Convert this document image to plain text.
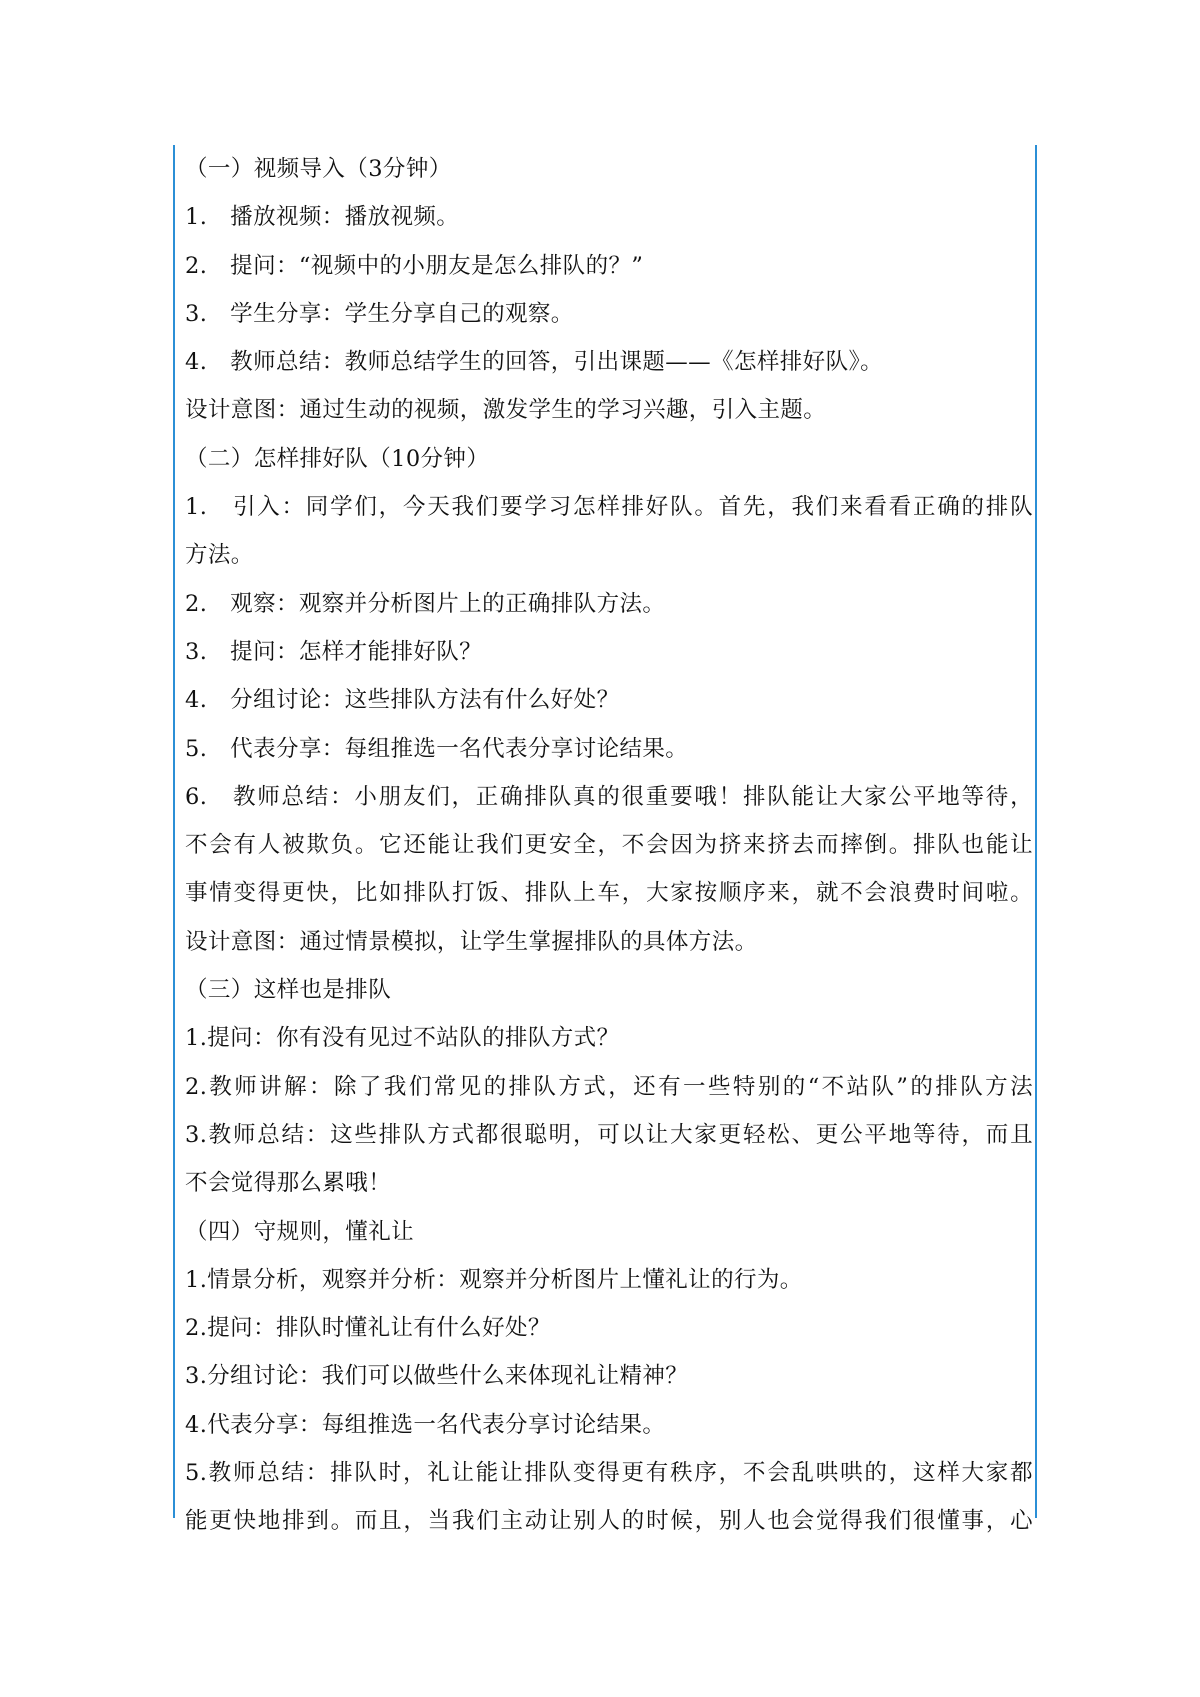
（一）视频导入（3分钟）
1.　播放视频：播放视频。
2.　提问：“视频中的小朋友是怎么排队的？”
3.　学生分享：学生分享自己的观察。
4.　教师总结：教师总结学生的回答，引出课题——《怎样排好队》。
设计意图：通过生动的视频，激发学生的学习兴趣，引入主题。
（二）怎样排好队（10分钟）
1.　引入：同学们，今天我们要学习怎样排好队。首先，我们来看看正确的排队
方法。
2.　观察：观察并分析图片上的正确排队方法。
3.　提问：怎样才能排好队？
4.　分组讨论：这些排队方法有什么好处？
5.　代表分享：每组推选一名代表分享讨论结果。
6.　教师总结：小朋友们，正确排队真的很重要哦！排队能让大家公平地等待，
不会有人被欺负。它还能让我们更安全，不会因为挤来挤去而摔倒。排队也能让
事情变得更快，比如排队打饭、排队上车，大家按顺序来，就不会浪费时间啦。
设计意图：通过情景模拟，让学生掌握排队的具体方法。
（三）这样也是排队
1.提问：你有没有见过不站队的排队方式？
2.教师讲解：除了我们常见的排队方式，还有一些特别的“不站队”的排队方法
3.教师总结：这些排队方式都很聪明，可以让大家更轻松、更公平地等待，而且
不会觉得那么累哦！
（四）守规则，懂礼让
1.情景分析，观察并分析：观察并分析图片上懂礼让的行为。
2.提问：排队时懂礼让有什么好处？
3.分组讨论：我们可以做些什么来体现礼让精神？
4.代表分享：每组推选一名代表分享讨论结果。
5.教师总结：排队时，礼让能让排队变得更有秩序，不会乱哄哄的，这样大家都
能更快地排到。而且，当我们主动让别人的时候，别人也会觉得我们很懂事，心
